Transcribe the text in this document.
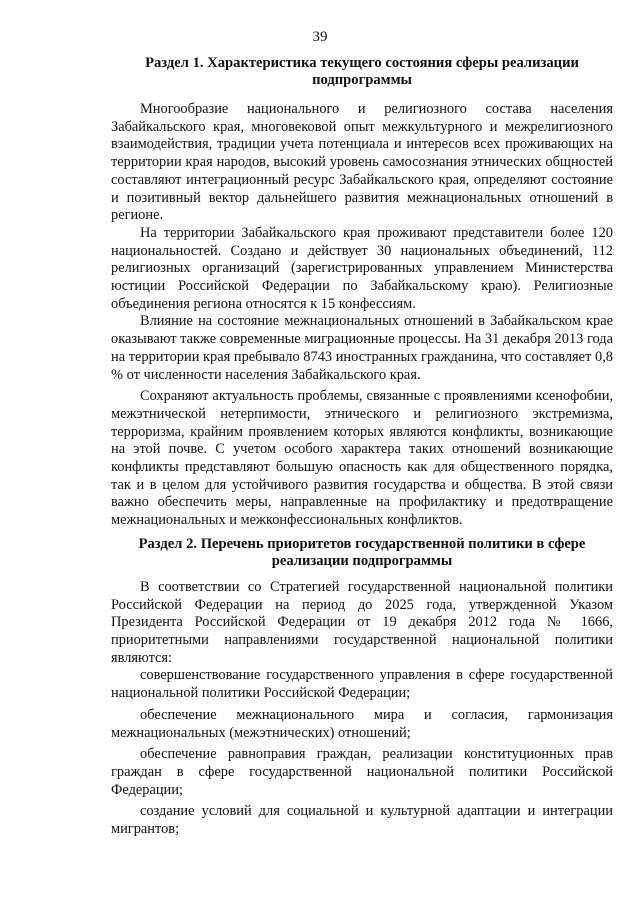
39

Раздел 1. Характеристика текущего состояния сферы реализации подпрограммы

Многообразие национального и религиозного состава населения Забайкальского края, многовековой опыт межкультурного и межрелигиозного взаимодействия, традиции учета потенциала и интересов всех проживающих на территории края народов, высокий уровень самосознания этнических общностей составляют интеграционный ресурс Забайкальского края, определяют состояние и позитивный вектор дальнейшего развития межнациональных отношений в регионе.

На территории Забайкальского края проживают представители более 120 национальностей. Создано и действует 30 национальных объединений, 112 религиозных организаций (зарегистрированных управлением Министерства юстиции Российской Федерации по Забайкальскому краю). Религиозные объединения региона относятся к 15 конфессиям.

Влияние на состояние межнациональных отношений в Забайкальском крае оказывают также современные миграционные процессы. На 31 декабря 2013 года на территории края пребывало 8743 иностранных гражданина, что составляет 0,8 % от численности населения Забайкальского края.

Сохраняют актуальность проблемы, связанные с проявлениями ксенофобии, межэтнической нетерпимости, этнического и религиозного экстремизма, терроризма, крайним проявлением которых являются конфликты, возникающие на этой почве. С учетом особого характера таких отношений возникающие конфликты представляют большую опасность как для общественного порядка, так и в целом для устойчивого развития государства и общества. В этой связи важно обеспечить меры, направленные на профилактику и предотвращение межнациональных и межконфессиональных конфликтов.

Раздел 2. Перечень приоритетов государственной политики в сфере реализации подпрограммы

В соответствии со Стратегией государственной национальной политики Российской Федерации на период до 2025 года, утвержденной Указом Президента Российской Федерации от 19 декабря 2012 года № 1666, приоритетными направлениями государственной национальной политики являются:

совершенствование государственного управления в сфере государственной национальной политики Российской Федерации;

обеспечение межнационального мира и согласия, гармонизация межнациональных (межэтнических) отношений;

обеспечение равноправия граждан, реализации конституционных прав граждан в сфере государственной национальной политики Российской Федерации;

создание условий для социальной и культурной адаптации и интеграции мигрантов;
